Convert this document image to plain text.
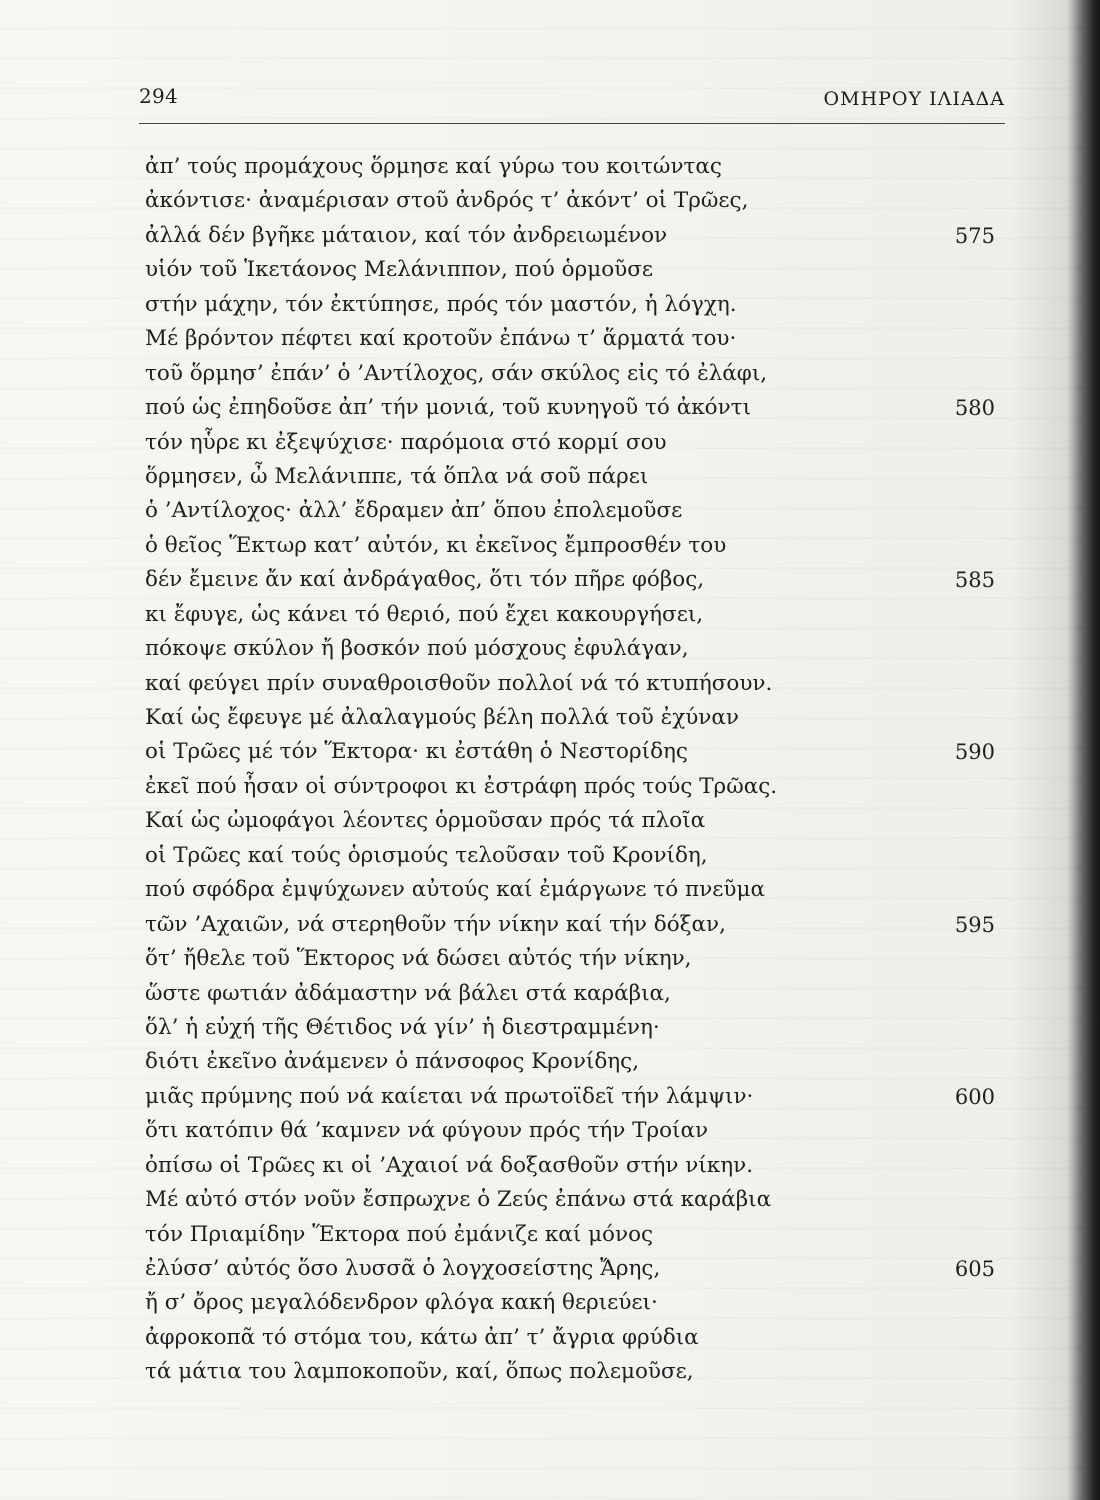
294	ΟΜΗΡΟΥ ΙΛΙΑΔΑ
ἀπ’ τούς προμάχους ὅρμησε καί γύρω του κοιτώντας
ἀκόντισε· ἀναμέρισαν στοῦ ἀνδρός τ’ ἀκόντ’ οἱ Τρῶες,
ἀλλά δέν βγῆκε μάταιον, καί τόν ἀνδρειωμένον	575
υἱόν τοῦ Ἱκετάονος Μελάνιππον, πού ὁρμοῦσε
στήν μάχην, τόν ἐκτύπησε, πρός τόν μαστόν, ἡ λόγχη.
Μέ βρόντον πέφτει καί κροτοῦν ἐπάνω τ’ ἅρματά του·
τοῦ ὅρμησ’ ἐπάν’ ὁ ’Αντίλοχος, σάν σκύλος εἰς τό ἐλάφι,
πού ὡς ἐπηδοῦσε ἀπ’ τήν μονιά, τοῦ κυνηγοῦ τό ἀκόντι	580
τόν ηὗρε κι ἐξεψύχισε· παρόμοια στό κορμί σου
ὅρμησεν, ὦ Μελάνιππε, τά ὅπλα νά σοῦ πάρει
ὁ ’Αντίλοχος· ἀλλ’ ἔδραμεν ἀπ’ ὅπου ἐπολεμοῦσε
ὁ θεῖος Ἕκτωρ κατ’ αὐτόν, κι ἐκεῖνος ἔμπροσθέν του
δέν ἔμεινε ἄν καί ἀνδράγαθος, ὅτι τόν πῆρε φόβος,	585
κι ἔφυγε, ὡς κάνει τό θεριό, πού ἔχει κακουργήσει,
πόκοψε σκύλον ἤ βοσκόν πού μόσχους ἐφυλάγαν,
καί φεύγει πρίν συναθροισθοῦν πολλοί νά τό κτυπήσουν.
Καί ὡς ἔφευγε μέ ἀλαλαγμούς βέλη πολλά τοῦ ἐχύναν
οἱ Τρῶες μέ τόν Ἕκτορα· κι ἐστάθη ὁ Νεστορίδης	590
ἐκεῖ πού ἦσαν οἱ σύντροφοι κι ἐστράφη πρός τούς Τρῶας.
Καί ὡς ὠμοφάγοι λέοντες ὁρμοῦσαν πρός τά πλοῖα
οἱ Τρῶες καί τούς ὁρισμούς τελοῦσαν τοῦ Κρονίδη,
πού σφόδρα ἐμψύχωνεν αὐτούς καί ἐμάργωνε τό πνεῦμα
τῶν ’Αχαιῶν, νά στερηθοῦν τήν νίκην καί τήν δόξαν,	595
ὅτ’ ἤθελε τοῦ Ἕκτορος νά δώσει αὐτός τήν νίκην,
ὥστε φωτιάν ἀδάμαστην νά βάλει στά καράβια,
ὅλ’ ἡ εὐχή τῆς Θέτιδος νά γίν’ ἡ διεστραμμένη·
διότι ἐκεῖνο ἀνάμενεν ὁ πάνσοφος Κρονίδης,
μιᾶς πρύμνης πού νά καίεται νά πρωτοϊδεῖ τήν λάμψιν·	600
ὅτι κατόπιν θά ’καμνεν νά φύγουν πρός τήν Τροίαν
ὀπίσω οἱ Τρῶες κι οἱ ’Αχαιοί νά δοξασθοῦν στήν νίκην.
Μέ αὐτό στόν νοῦν ἔσπρωχνε ὁ Ζεύς ἐπάνω στά καράβια
τόν Πριαμίδην Ἕκτορα πού ἐμάνιζε καί μόνος
ἐλύσσ’ αὐτός ὅσο λυσσᾶ ὁ λογχοσείστης Ἄρης,	605
ἤ σ’ ὄρος μεγαλόδενδρον φλόγα κακή θεριεύει·
ἀφροκοπᾶ τό στόμα του, κάτω ἀπ’ τ’ ἄγρια φρύδια
τά μάτια του λαμποκοποῦν, καί, ὅπως πολεμοῦσε,
